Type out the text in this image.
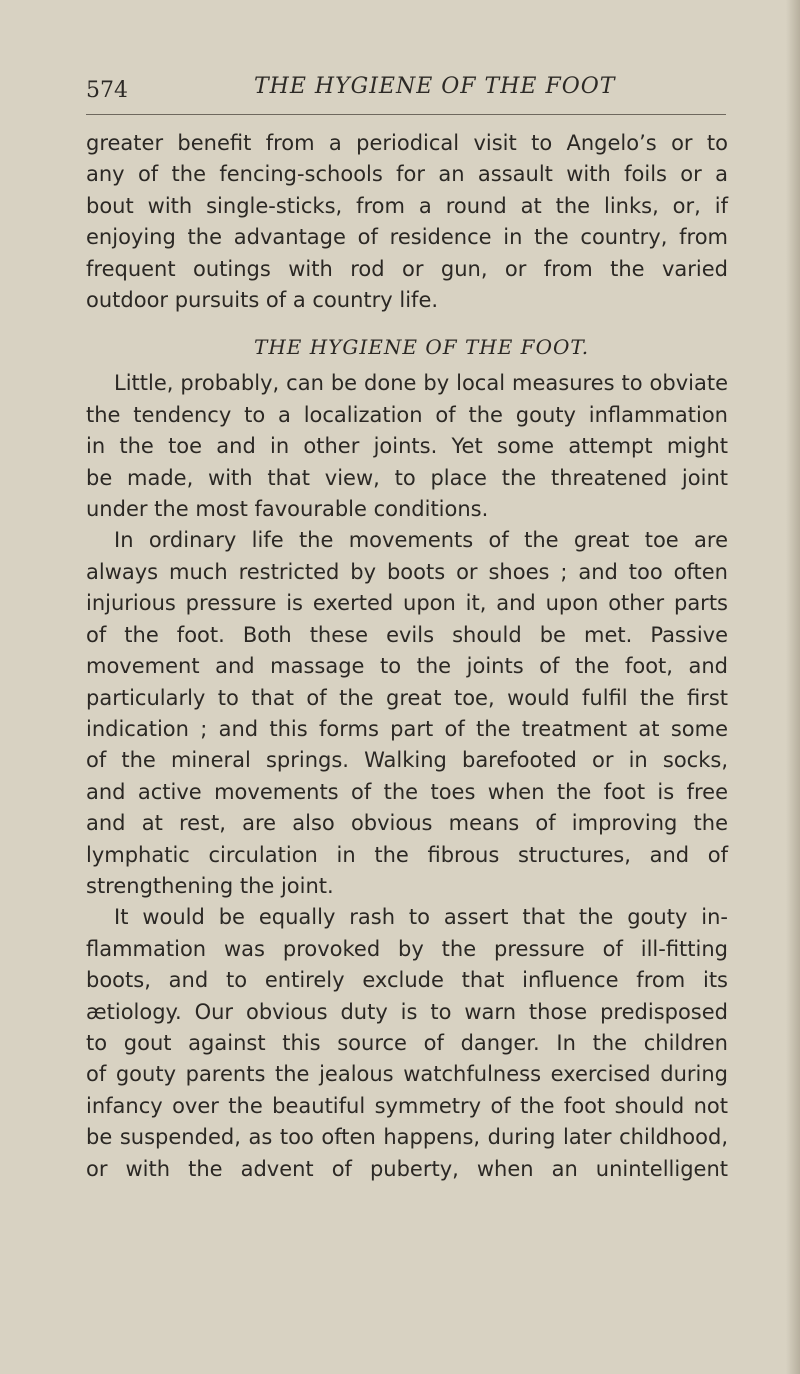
574	THE HYGIENE OF THE FOOT

greater benefit from a periodical visit to Angelo’s or to
any of the fencing-schools for an assault with foils or a
bout with single-sticks, from a round at the links, or, if
enjoying the advantage of residence in the country, from
frequent outings with rod or gun, or from the varied
outdoor pursuits of a country life.

THE HYGIENE OF THE FOOT.

Little, probably, can be done by local measures to obviate
the tendency to a localization of the gouty inflammation
in the toe and in other joints. Yet some attempt might
be made, with that view, to place the threatened joint
under the most favourable conditions.

In ordinary life the movements of the great toe are
always much restricted by boots or shoes ; and too often
injurious pressure is exerted upon it, and upon other parts
of the foot. Both these evils should be met. Passive
movement and massage to the joints of the foot, and
particularly to that of the great toe, would fulfil the first
indication ; and this forms part of the treatment at some
of the mineral springs. Walking barefooted or in socks,
and active movements of the toes when the foot is free
and at rest, are also obvious means of improving the
lymphatic circulation in the fibrous structures, and of
strengthening the joint.

It would be equally rash to assert that the gouty in-
flammation was provoked by the pressure of ill-fitting
boots, and to entirely exclude that influence from its
ætiology. Our obvious duty is to warn those predisposed
to gout against this source of danger. In the children
of gouty parents the jealous watchfulness exercised during
infancy over the beautiful symmetry of the foot should not
be suspended, as too often happens, during later childhood,
or with the advent of puberty, when an unintelligent
